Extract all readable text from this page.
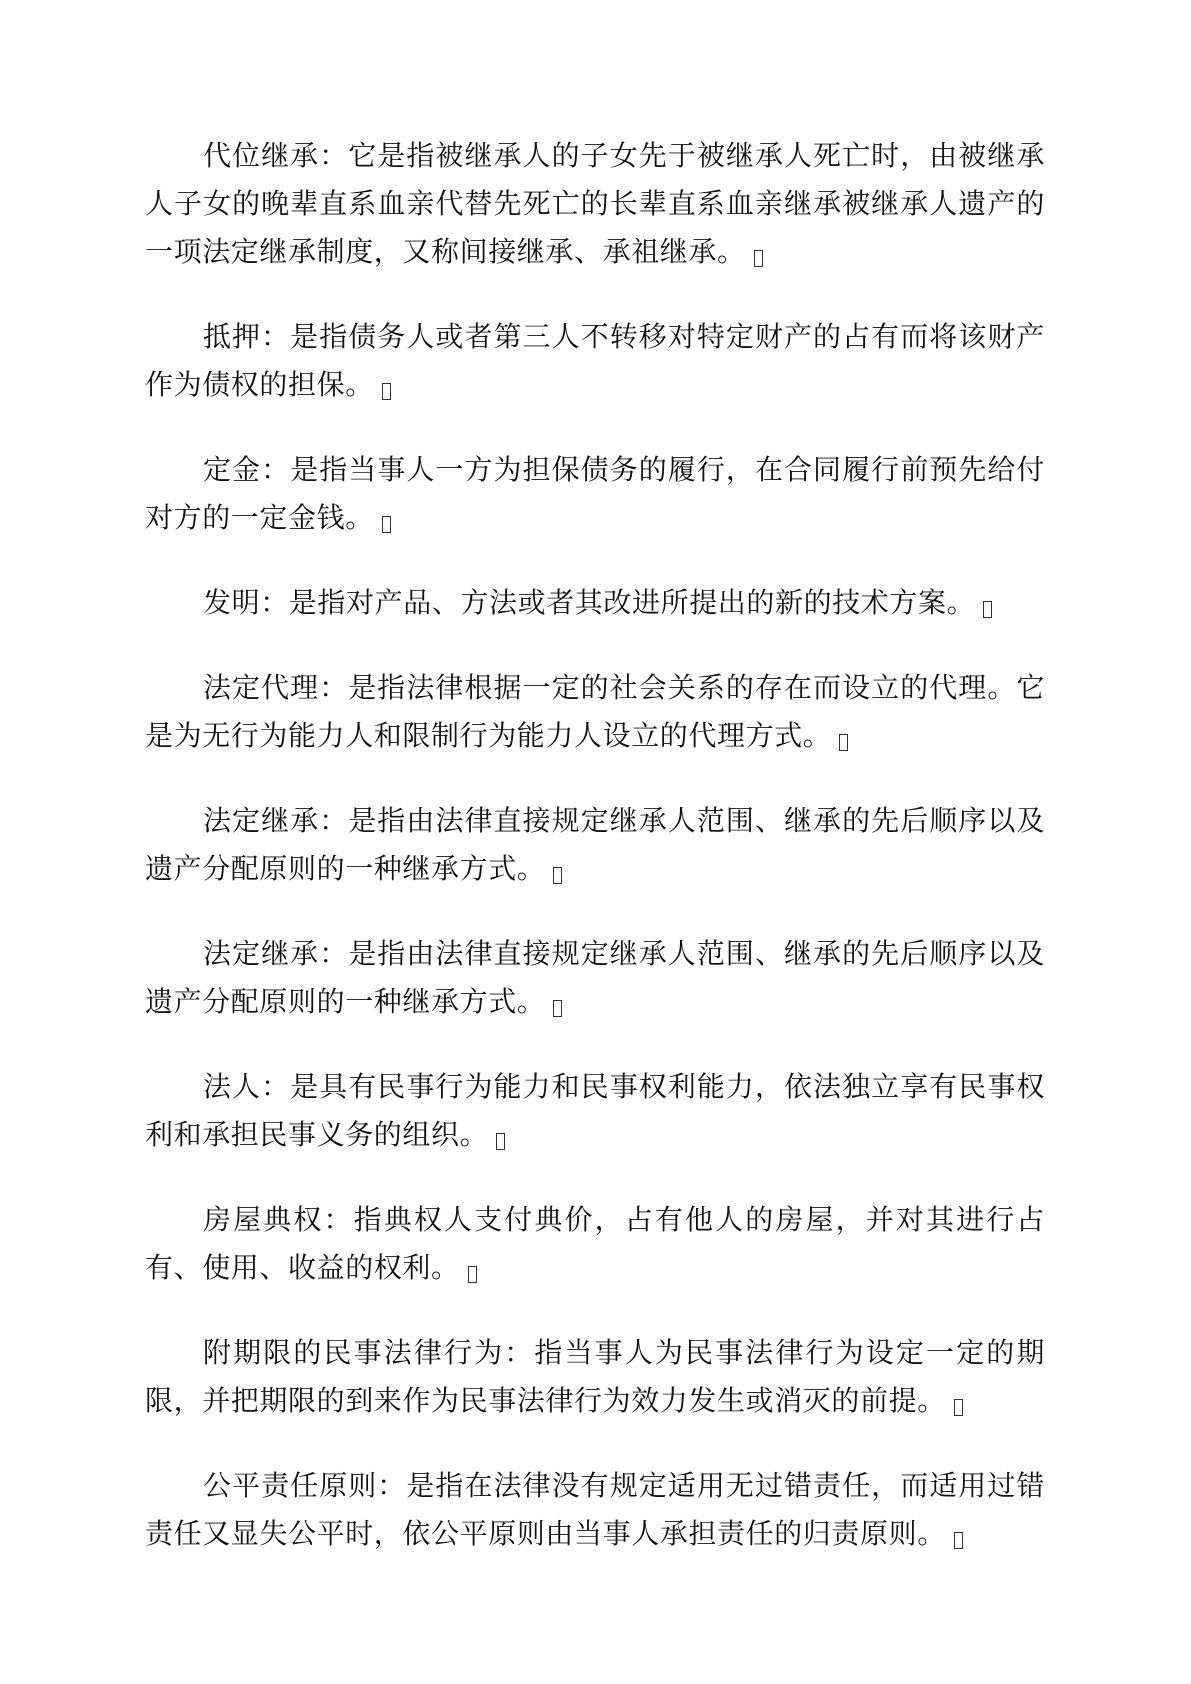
代位继承：它是指被继承人的子女先于被继承人死亡时，由被继承人子女的晚辈直系血亲代替先死亡的长辈直系血亲继承被继承人遗产的一项法定继承制度，又称间接继承、承祖继承。

抵押：是指债务人或者第三人不转移对特定财产的占有而将该财产作为债权的担保。

定金：是指当事人一方为担保债务的履行，在合同履行前预先给付对方的一定金钱。

发明：是指对产品、方法或者其改进所提出的新的技术方案。

法定代理：是指法律根据一定的社会关系的存在而设立的代理。它是为无行为能力人和限制行为能力人设立的代理方式。

法定继承：是指由法律直接规定继承人范围、继承的先后顺序以及遗产分配原则的一种继承方式。

法定继承：是指由法律直接规定继承人范围、继承的先后顺序以及遗产分配原则的一种继承方式。

法人：是具有民事行为能力和民事权利能力，依法独立享有民事权利和承担民事义务的组织。

房屋典权：指典权人支付典价，占有他人的房屋，并对其进行占有、使用、收益的权利。

附期限的民事法律行为：指当事人为民事法律行为设定一定的期限，并把期限的到来作为民事法律行为效力发生或消灭的前提。

公平责任原则：是指在法律没有规定适用无过错责任，而适用过错责任又显失公平时，依公平原则由当事人承担责任的归责原则。
